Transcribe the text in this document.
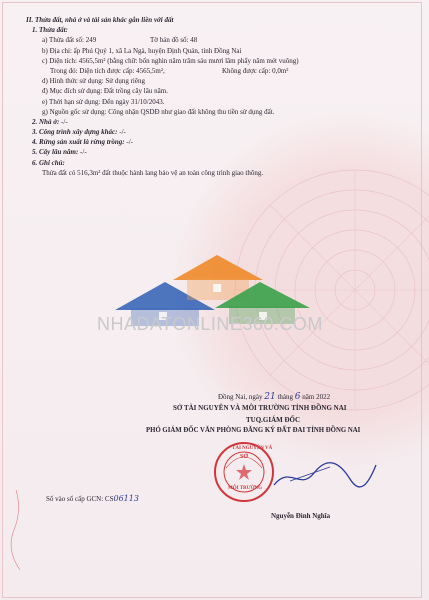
II. Thửa đất, nhà ở và tài sản khác gắn liền với đất
1. Thửa đất:
a) Thửa đất số: 249	Tờ bản đồ số: 48
b) Địa chỉ: ấp Phú Quý 1, xã La Ngà, huyện Định Quán, tỉnh Đồng Nai
c) Diện tích: 4565,5m² (bằng chữ: bốn nghìn năm trăm sáu mươi lăm phẩy năm mét vuông)
Trong đó: Diện tích được cấp: 4565,5m²,	Không được cấp: 0,0m²
d) Hình thức sử dụng: Sử dụng riêng
đ) Mục đích sử dụng: Đất trồng cây lâu năm.
e) Thời hạn sử dụng: Đến ngày 31/10/2043.
g) Nguồn gốc sử dụng: Công nhận QSDĐ như giao đất không thu tiền sử dụng đất.
2. Nhà ở: -/-
3. Công trình xây dựng khác: -/-
4. Rừng sản xuất là rừng trồng: -/-
5. Cây lâu năm: -/-
6. Ghi chú:
Thửa đất có 516,3m² đất thuộc hành lang bảo vệ an toàn công trình giao thông.
NHADATONLINE360.COM
Đồng Nai, ngày 21 tháng 6 năm 2022
SỞ TÀI NGUYÊN VÀ MÔI TRƯỜNG TỈNH ĐỒNG NAI
TUQ.GIÁM ĐỐC
PHÓ GIÁM ĐỐC VĂN PHÒNG ĐĂNG KÝ ĐẤT ĐAI TỈNH ĐỒNG NAI
TÀI NGUYÊN VÀ
SỞ
MÔI TRƯỜNG
Nguyễn Đình Nghĩa
Số vào sổ cấp GCN: CS06113
